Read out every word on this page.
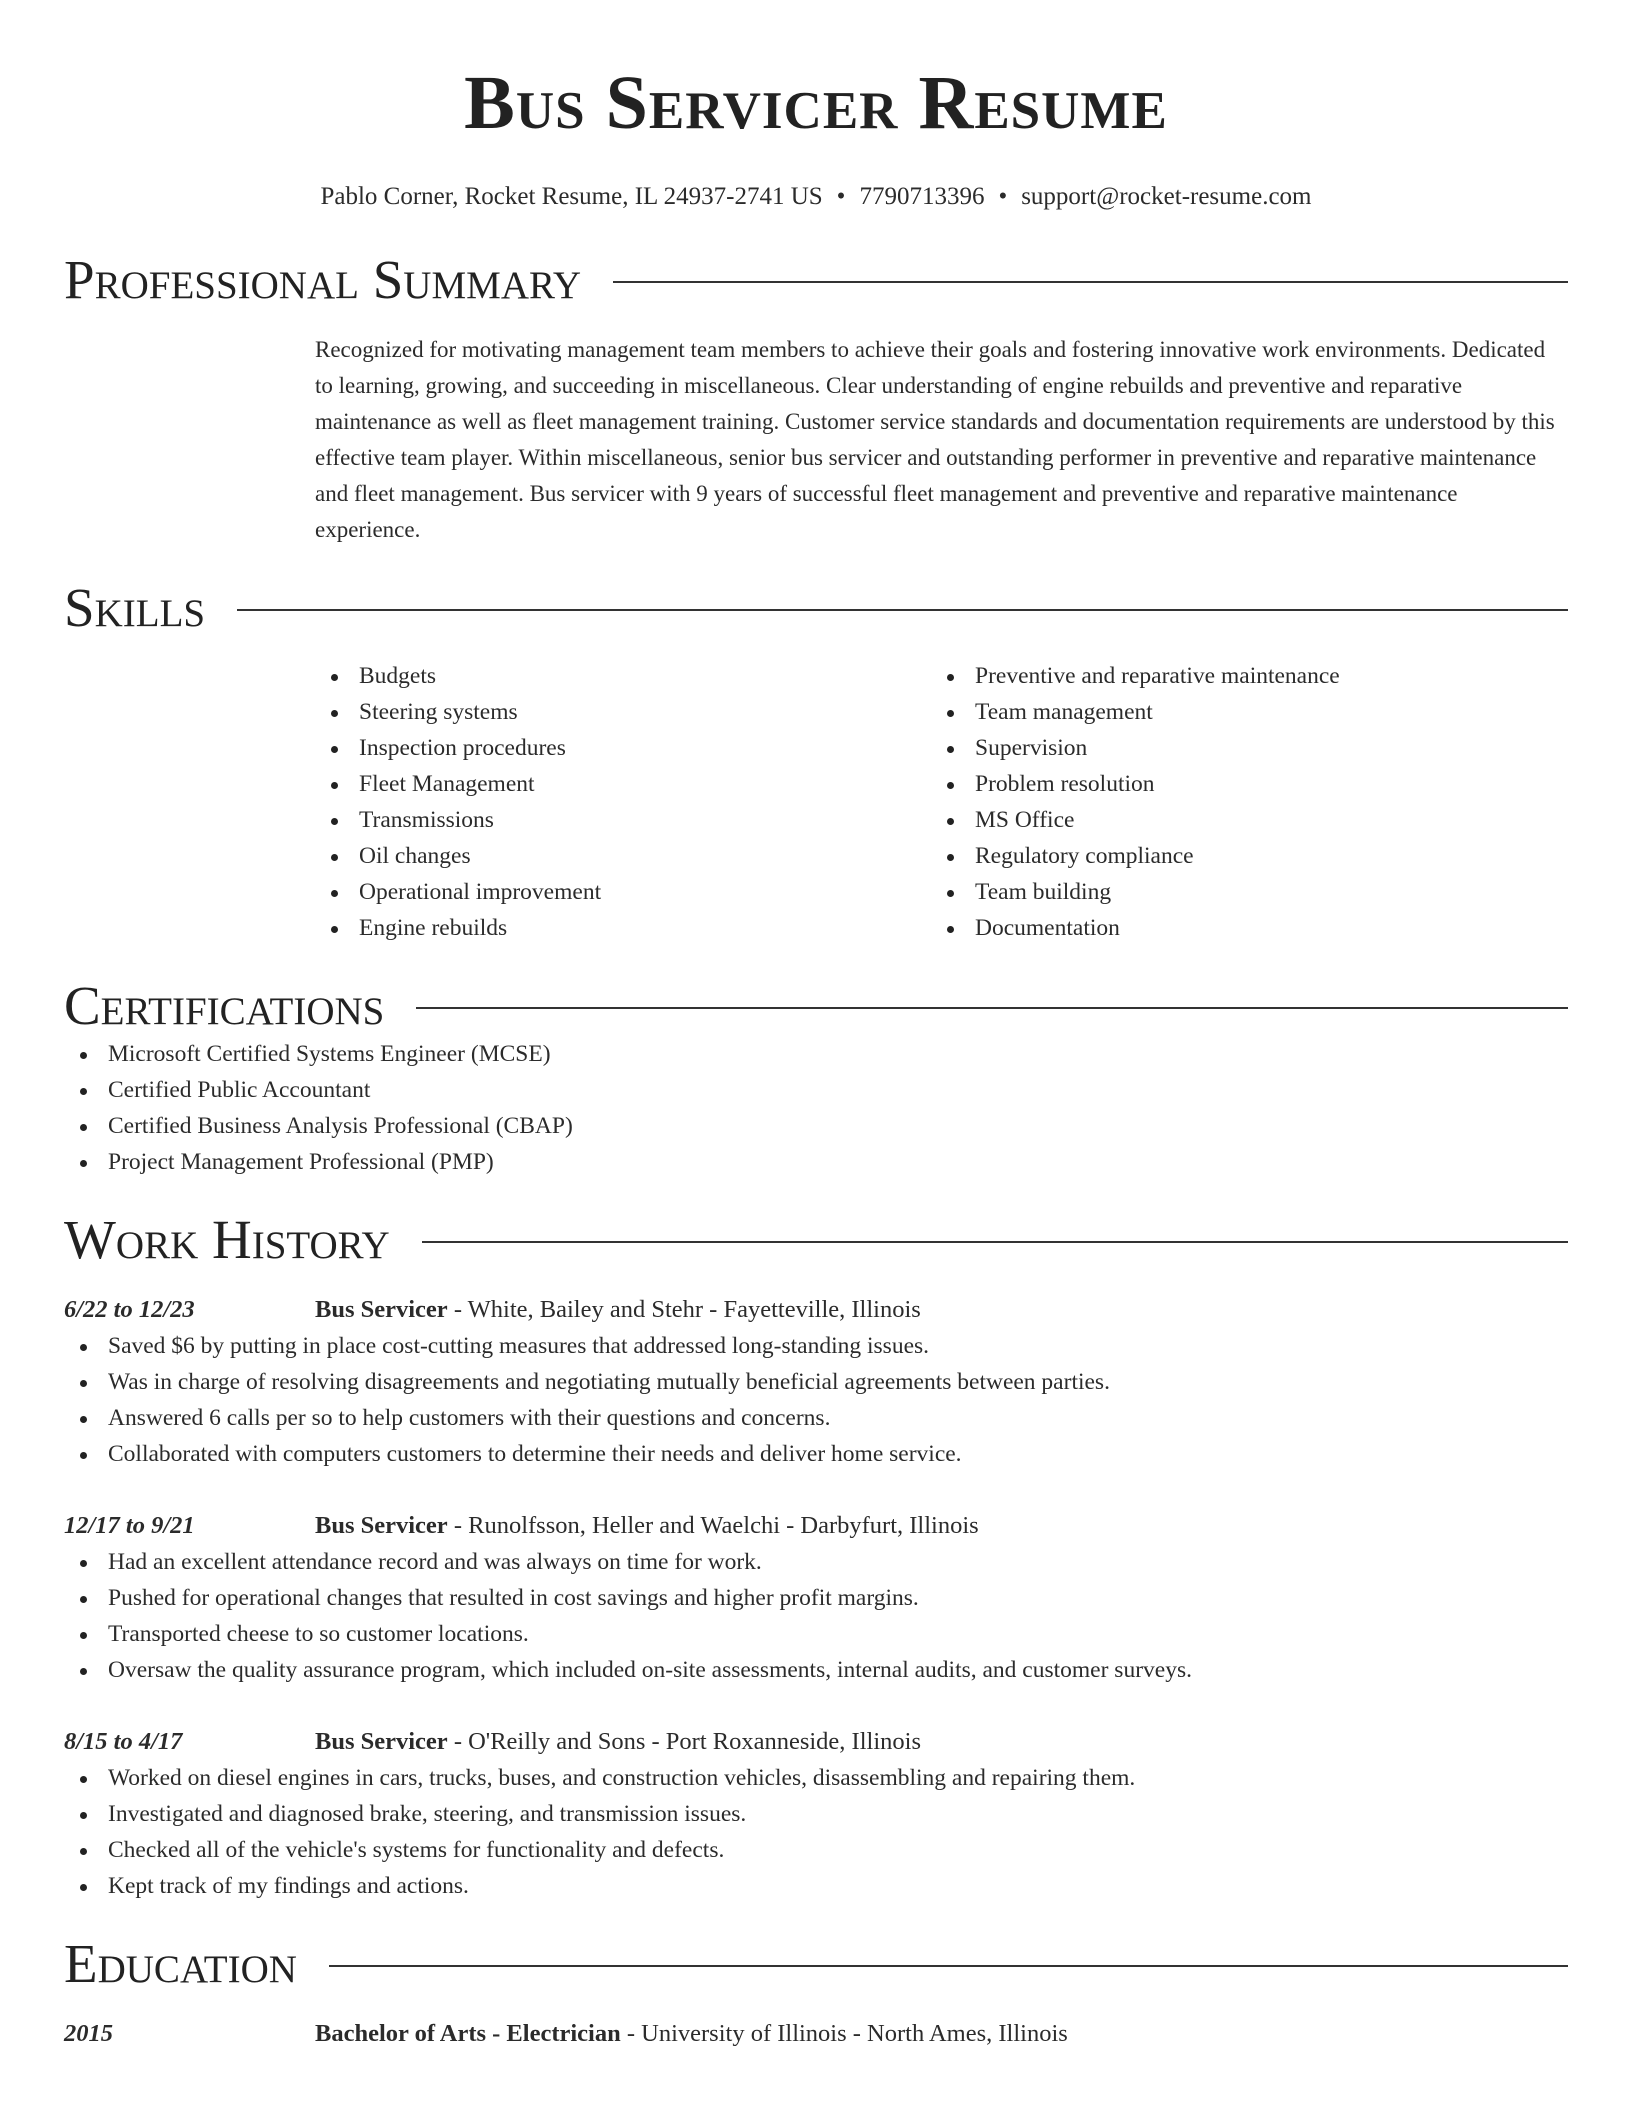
Bus Servicer Resume
Pablo Corner, Rocket Resume, IL 24937-2741 US • 7790713396 • support@rocket-resume.com
Professional Summary
Recognized for motivating management team members to achieve their goals and fostering innovative work environments. Dedicated to learning, growing, and succeeding in miscellaneous. Clear understanding of engine rebuilds and preventive and reparative maintenance as well as fleet management training. Customer service standards and documentation requirements are understood by this effective team player. Within miscellaneous, senior bus servicer and outstanding performer in preventive and reparative maintenance and fleet management. Bus servicer with 9 years of successful fleet management and preventive and reparative maintenance experience.
Skills
Budgets
Steering systems
Inspection procedures
Fleet Management
Transmissions
Oil changes
Operational improvement
Engine rebuilds
Preventive and reparative maintenance
Team management
Supervision
Problem resolution
MS Office
Regulatory compliance
Team building
Documentation
Certifications
Microsoft Certified Systems Engineer (MCSE)
Certified Public Accountant
Certified Business Analysis Professional (CBAP)
Project Management Professional (PMP)
Work History
6/22 to 12/23	Bus Servicer - White, Bailey and Stehr - Fayetteville, Illinois
Saved $6 by putting in place cost-cutting measures that addressed long-standing issues.
Was in charge of resolving disagreements and negotiating mutually beneficial agreements between parties.
Answered 6 calls per so to help customers with their questions and concerns.
Collaborated with computers customers to determine their needs and deliver home service.
12/17 to 9/21	Bus Servicer - Runolfsson, Heller and Waelchi - Darbyfurt, Illinois
Had an excellent attendance record and was always on time for work.
Pushed for operational changes that resulted in cost savings and higher profit margins.
Transported cheese to so customer locations.
Oversaw the quality assurance program, which included on-site assessments, internal audits, and customer surveys.
8/15 to 4/17	Bus Servicer - O'Reilly and Sons - Port Roxanneside, Illinois
Worked on diesel engines in cars, trucks, buses, and construction vehicles, disassembling and repairing them.
Investigated and diagnosed brake, steering, and transmission issues.
Checked all of the vehicle's systems for functionality and defects.
Kept track of my findings and actions.
Education
2015	Bachelor of Arts - Electrician - University of Illinois - North Ames, Illinois
